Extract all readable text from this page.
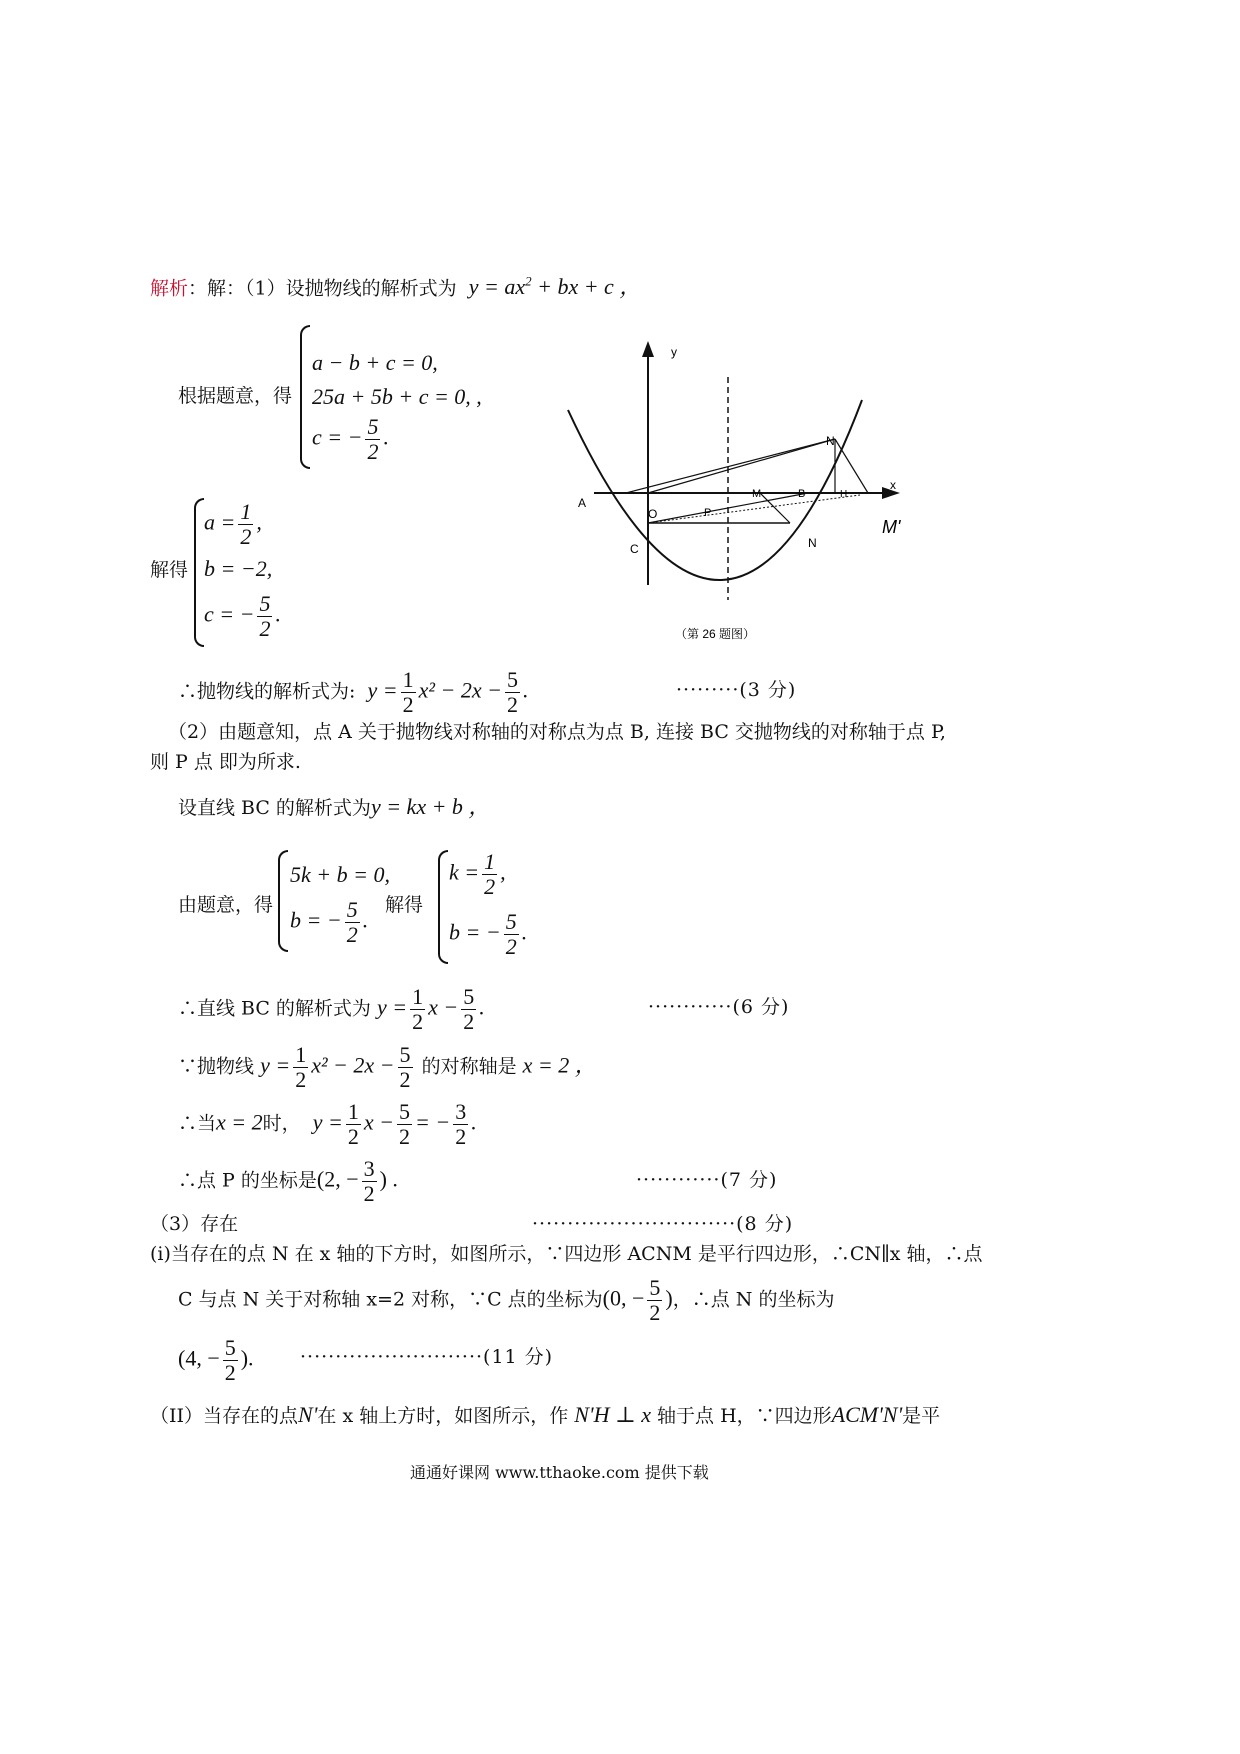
解析：解：（1）设抛物线的解析式为 $y = ax^2$ + bx + c ，
根据题意，得
a − b + c = 0,
25a + 5b + c = 0, ,
c = − $\frac{5}{2}$ .
解得
$a = \frac{1}{2}$ ,
b = −2,
c = − $\frac{5}{2}$ .
y
x
A
O
C	N
M	B
P
H
N
M'
（第 26 题图）
∴抛物线的解析式为: $y = \frac{1}{2} x^2 - 2x - \frac{5}{2}$ .	·········(3 分)
（2）由题意知，点 A 关于抛物线对称轴的对称点为点 B, 连接 BC 交抛物线的对称轴于点 P,
则 P 点 即为所求.
设直线 BC 的解析式为y = kx + b ，
由题意，得
5k + b = 0,
b = − $\frac{5}{2}$ .
解得
$k = \frac{1}{2}$ ,
b = − $\frac{5}{2}$ .
∴直线 BC 的解析式为 $y = \frac{1}{2}$ $x - \frac{5}{2}$ .	············(6 分)
∵抛物线 $y = \frac{1}{2} x^2 - 2x - \frac{5}{2}$ 的对称轴是 x = 2 ，
∴当x = 2时， $y = \frac{1}{2}$ $x - \frac{5}{2}$ = − $\frac{3}{2}$ .
∴点 P 的坐标是(2, − $\frac{3}{2}$ ) .	············(7 分)
（3）存在	·····························(8 分)
(i)当存在的点 N 在 x 轴的下方时，如图所示，∵四边形 ACNM 是平行四边形，∴CN∥x 轴，∴点
C 与点 N 关于对称轴 x=2 对称，∵C 点的坐标为(0, − $\frac{5}{2}$ )，∴点 N 的坐标为
(4, − $\frac{5}{2}$ ). ··························(11 分)
（II）当存在的点N'在 x 轴上方时，如图所示，作 N'H ⊥ x 轴于点 H，∵四边形ACM'N'是平
通通好课网 www.tthaoke.com 提供下载
